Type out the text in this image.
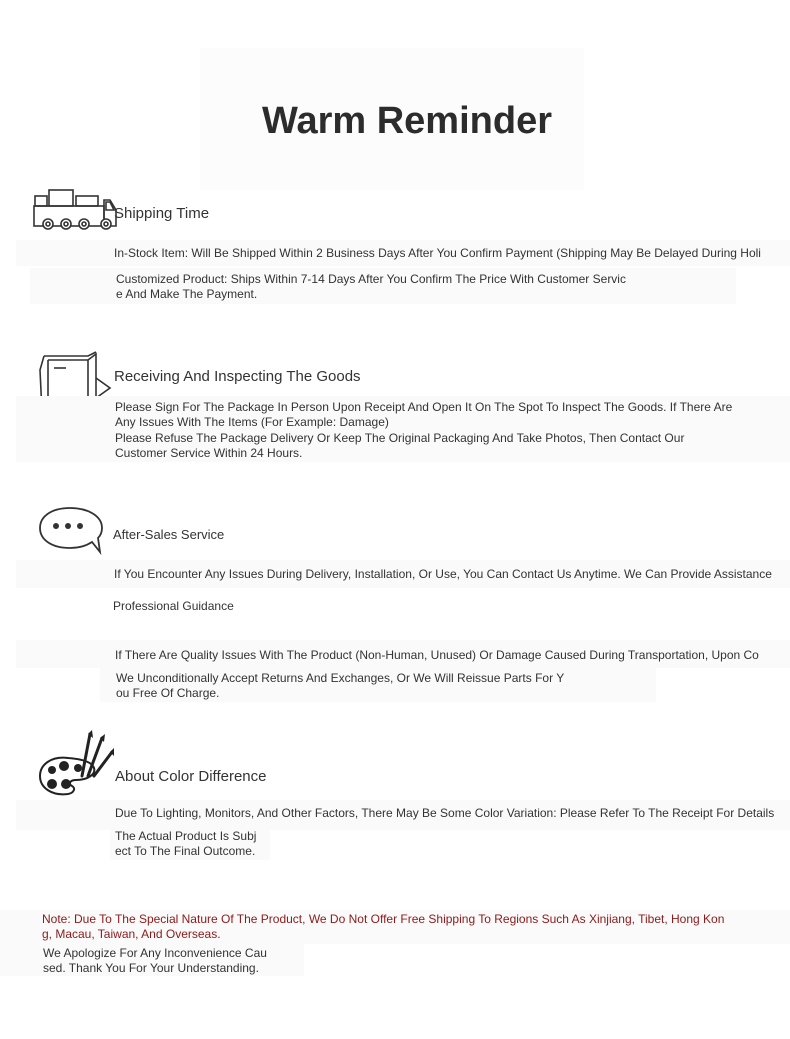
Warm Reminder
Shipping Time
In-Stock Item: Will Be Shipped Within 2 Business Days After You Confirm Payment (Shipping May Be Delayed During Holi
Customized Product: Ships Within 7-14 Days After You Confirm The Price With Customer Servic
e And Make The Payment.
Receiving And Inspecting The Goods
Please Sign For The Package In Person Upon Receipt And Open It On The Spot To Inspect The Goods. If There Are
Any Issues With The Items (For Example: Damage)
Please Refuse The Package Delivery Or Keep The Original Packaging And Take Photos, Then Contact Our
Customer Service Within 24 Hours.
After-Sales Service
If You Encounter Any Issues During Delivery, Installation, Or Use, You Can Contact Us Anytime. We Can Provide Assistance
Professional Guidance
If There Are Quality Issues With The Product (Non-Human, Unused) Or Damage Caused During Transportation, Upon Co
We Unconditionally Accept Returns And Exchanges, Or We Will Reissue Parts For Y
ou Free Of Charge.
About Color Difference
Due To Lighting, Monitors, And Other Factors, There May Be Some Color Variation: Please Refer To The Receipt For Details
The Actual Product Is Subj
ect To The Final Outcome.
Note: Due To The Special Nature Of The Product, We Do Not Offer Free Shipping To Regions Such As Xinjiang, Tibet, Hong Kon
g, Macau, Taiwan, And Overseas.
We Apologize For Any Inconvenience Cau
sed. Thank You For Your Understanding.
